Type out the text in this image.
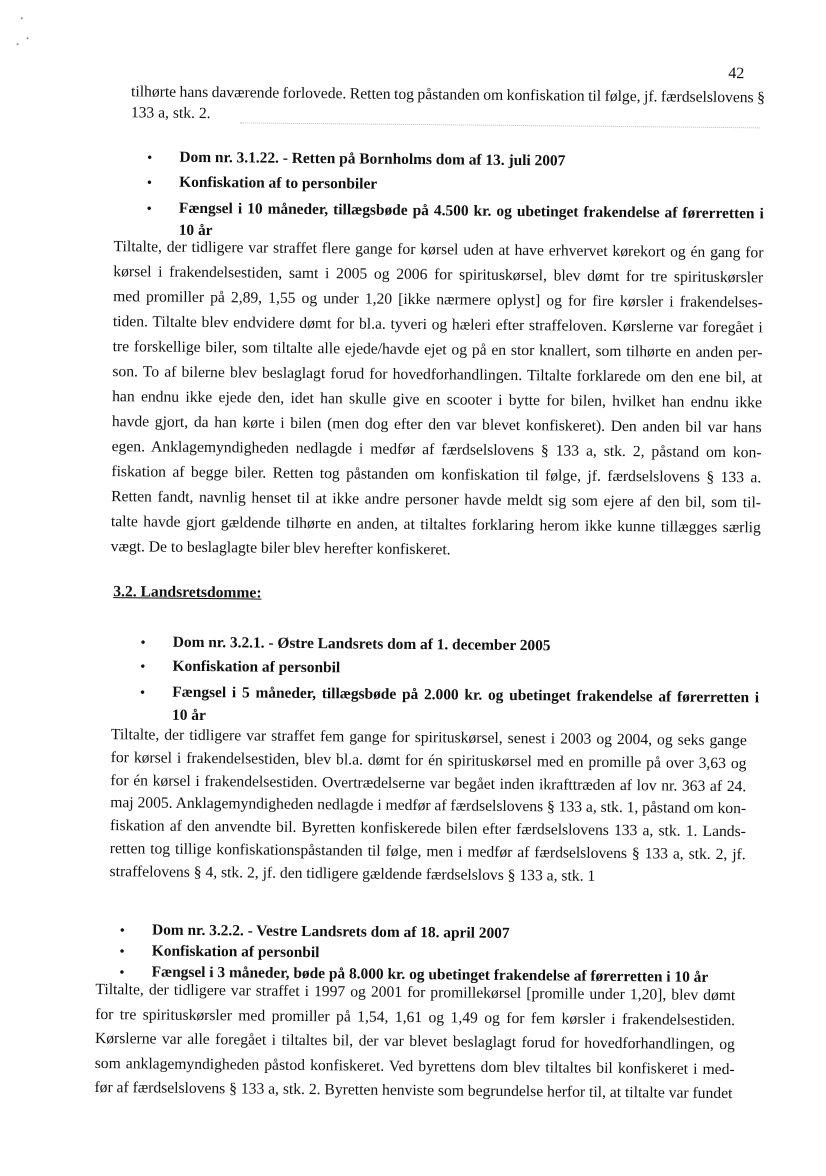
42
tilhørte hans daværende forlovede. Retten tog påstanden om konfiskation til følge, jf. færdselslovens §
133 a, stk. 2.
• Dom nr. 3.1.22. - Retten på Bornholms dom af 13. juli 2007
• Konfiskation af to personbiler
• Fængsel i 10 måneder, tillægsbøde på 4.500 kr. og ubetinget frakendelse af førerretten i
10 år
Tiltalte, der tidligere var straffet flere gange for kørsel uden at have erhvervet kørekort og én gang for
kørsel i frakendelsestiden, samt i 2005 og 2006 for spirituskørsel, blev dømt for tre spirituskørsler
med promiller på 2,89, 1,55 og under 1,20 [ikke nærmere oplyst] og for fire kørsler i frakendelses-
tiden. Tiltalte blev endvidere dømt for bl.a. tyveri og hæleri efter straffeloven. Kørslerne var foregået i
tre forskellige biler, som tiltalte alle ejede/havde ejet og på en stor knallert, som tilhørte en anden per-
son. To af bilerne blev beslaglagt forud for hovedforhandlingen. Tiltalte forklarede om den ene bil, at
han endnu ikke ejede den, idet han skulle give en scooter i bytte for bilen, hvilket han endnu ikke
havde gjort, da han kørte i bilen (men dog efter den var blevet konfiskeret). Den anden bil var hans
egen. Anklagemyndigheden nedlagde i medfør af færdselslovens § 133 a, stk. 2, påstand om kon-
fiskation af begge biler. Retten tog påstanden om konfiskation til følge, jf. færdselslovens § 133 a.
Retten fandt, navnlig henset til at ikke andre personer havde meldt sig som ejere af den bil, som til-
talte havde gjort gældende tilhørte en anden, at tiltaltes forklaring herom ikke kunne tillægges særlig
vægt. De to beslaglagte biler blev herefter konfiskeret.
3.2. Landsretsdomme:
• Dom nr. 3.2.1. - Østre Landsrets dom af 1. december 2005
• Konfiskation af personbil
• Fængsel i 5 måneder, tillægsbøde på 2.000 kr. og ubetinget frakendelse af førerretten i
10 år
Tiltalte, der tidligere var straffet fem gange for spirituskørsel, senest i 2003 og 2004, og seks gange
for kørsel i frakendelsestiden, blev bl.a. dømt for én spirituskørsel med en promille på over 3,63 og
for én kørsel i frakendelsestiden. Overtrædelserne var begået inden ikrafttræden af lov nr. 363 af 24.
maj 2005. Anklagemyndigheden nedlagde i medfør af færdselslovens § 133 a, stk. 1, påstand om kon-
fiskation af den anvendte bil. Byretten konfiskerede bilen efter færdselslovens 133 a, stk. 1. Lands-
retten tog tillige konfiskationspåstanden til følge, men i medfør af færdselslovens § 133 a, stk. 2, jf.
straffelovens § 4, stk. 2, jf. den tidligere gældende færdselslovs § 133 a, stk. 1
• Dom nr. 3.2.2. - Vestre Landsrets dom af 18. april 2007
• Konfiskation af personbil
• Fængsel i 3 måneder, bøde på 8.000 kr. og ubetinget frakendelse af førerretten i 10 år
Tiltalte, der tidligere var straffet i 1997 og 2001 for promillekørsel [promille under 1,20], blev dømt
for tre spirituskørsler med promiller på 1,54, 1,61 og 1,49 og for fem kørsler i frakendelsestiden.
Kørslerne var alle foregået i tiltaltes bil, der var blevet beslaglagt forud for hovedforhandlingen, og
som anklagemyndigheden påstod konfiskeret. Ved byrettens dom blev tiltaltes bil konfiskeret i med-
før af færdselslovens § 133 a, stk. 2. Byretten henviste som begrundelse herfor til, at tiltalte var fundet
